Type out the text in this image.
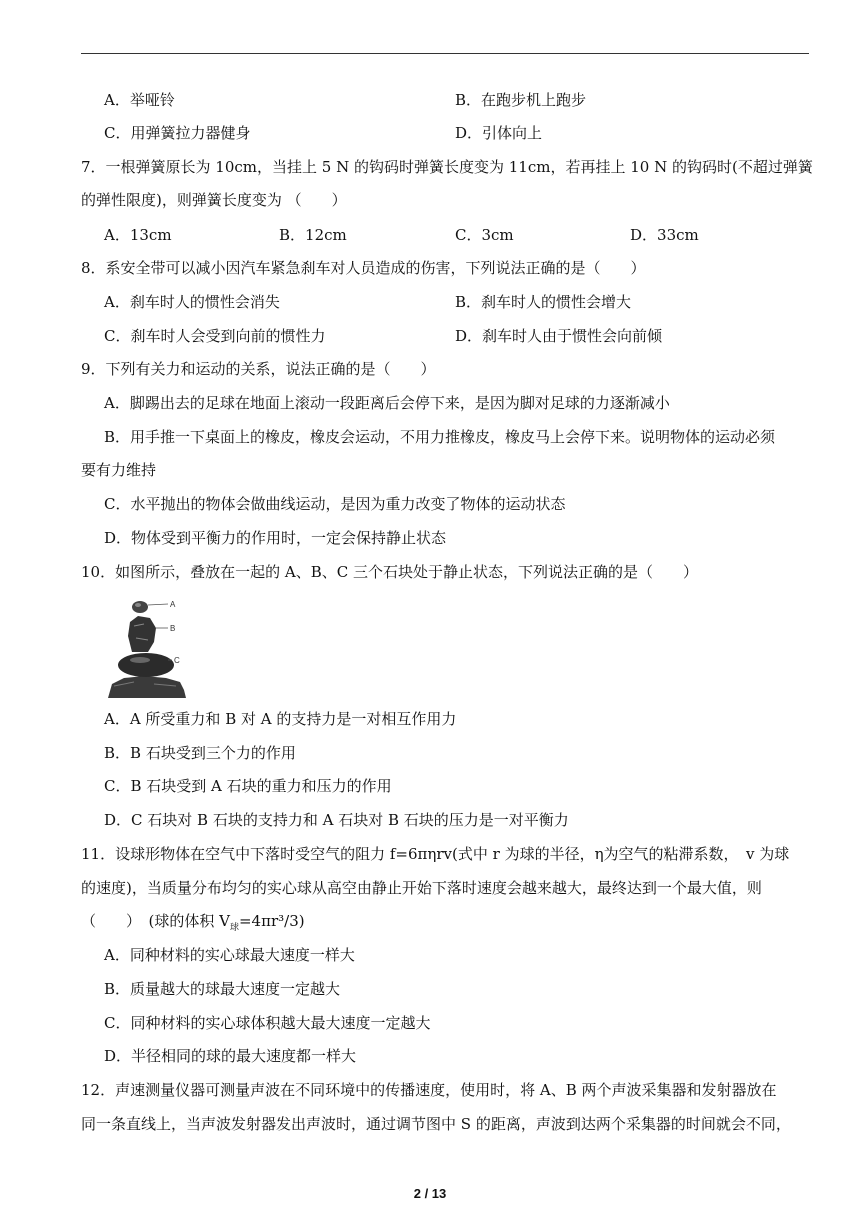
A．举哑铃	B．在跑步机上跑步
C．用弹簧拉力器健身	D．引体向上
7．一根弹簧原长为 10cm，当挂上 5 N 的钩码时弹簧长度变为 11cm，若再挂上 10 N 的钩码时(不超过弹簧
的弹性限度)，则弹簧长度变为 （　　）
A．13cm	B．12cm	C．3cm	D．33cm
8．系安全带可以减小因汽车紧急刹车对人员造成的伤害，下列说法正确的是（　　）
A．刹车时人的惯性会消失	B．刹车时人的惯性会增大
C．刹车时人会受到向前的惯性力	D．刹车时人由于惯性会向前倾
9．下列有关力和运动的关系，说法正确的是（　　）
A．脚踢出去的足球在地面上滚动一段距离后会停下来，是因为脚对足球的力逐渐减小
B．用手推一下桌面上的橡皮，橡皮会运动，不用力推橡皮，橡皮马上会停下来。说明物体的运动必须
要有力维持
C．水平抛出的物体会做曲线运动，是因为重力改变了物体的运动状态
D．物体受到平衡力的作用时，一定会保持静止状态
10．如图所示，叠放在一起的 A、B、C 三个石块处于静止状态，下列说法正确的是（　　）
A
B
C
A．A 所受重力和 B 对 A 的支持力是一对相互作用力
B．B 石块受到三个力的作用
C．B 石块受到 A 石块的重力和压力的作用
D．C 石块对 B 石块的支持力和 A 石块对 B 石块的压力是一对平衡力
11．设球形物体在空气中下落时受空气的阻力 f=6πηrv(式中 r 为球的半径，η为空气的粘滞系数，　v 为球
的速度)，当质量分布均匀的实心球从高空由静止开始下落时速度会越来越大，最终达到一个最大值，则
（　　）　(球的体积 $V_球=4\pi r^3/3$)
A．同种材料的实心球最大速度一样大
B．质量越大的球最大速度一定越大
C．同种材料的实心球体积越大最大速度一定越大
D．半径相同的球的最大速度都一样大
12．声速测量仪器可测量声波在不同环境中的传播速度，使用时，将 A、B 两个声波采集器和发射器放在
同一条直线上，当声波发射器发出声波时，通过调节图中 S 的距离，声波到达两个采集器的时间就会不同，
2 / 13
